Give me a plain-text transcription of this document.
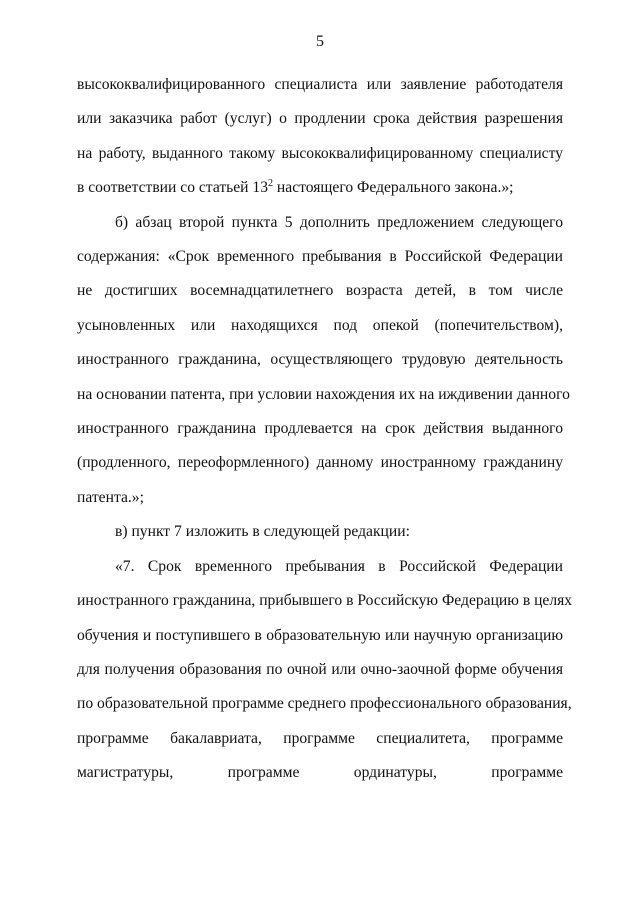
5
высококвалифицированного специалиста или заявление работодателя
или заказчика работ (услуг) о продлении срока действия разрешения
на работу, выданного такому высококвалифицированному специалисту
в соответствии со статьей $13^2$ настоящего Федерального закона.»;
б) абзац второй пункта 5 дополнить предложением следующего
содержания: «Срок временного пребывания в Российской Федерации
не достигших восемнадцатилетнего возраста детей, в том числе
усыновленных или находящихся под опекой (попечительством),
иностранного гражданина, осуществляющего трудовую деятельность
на основании патента, при условии нахождения их на иждивении данного
иностранного гражданина продлевается на срок действия выданного
(продленного, переоформленного) данному иностранному гражданину
патента.»;
в) пункт 7 изложить в следующей редакции:
«7. Срок временного пребывания в Российской Федерации
иностранного гражданина, прибывшего в Российскую Федерацию в целях
обучения и поступившего в образовательную или научную организацию
для получения образования по очной или очно-заочной форме обучения
по образовательной программе среднего профессионального образования,
программе бакалавриата, программе специалитета, программе
магистратуры, программе ординатуры, программе
